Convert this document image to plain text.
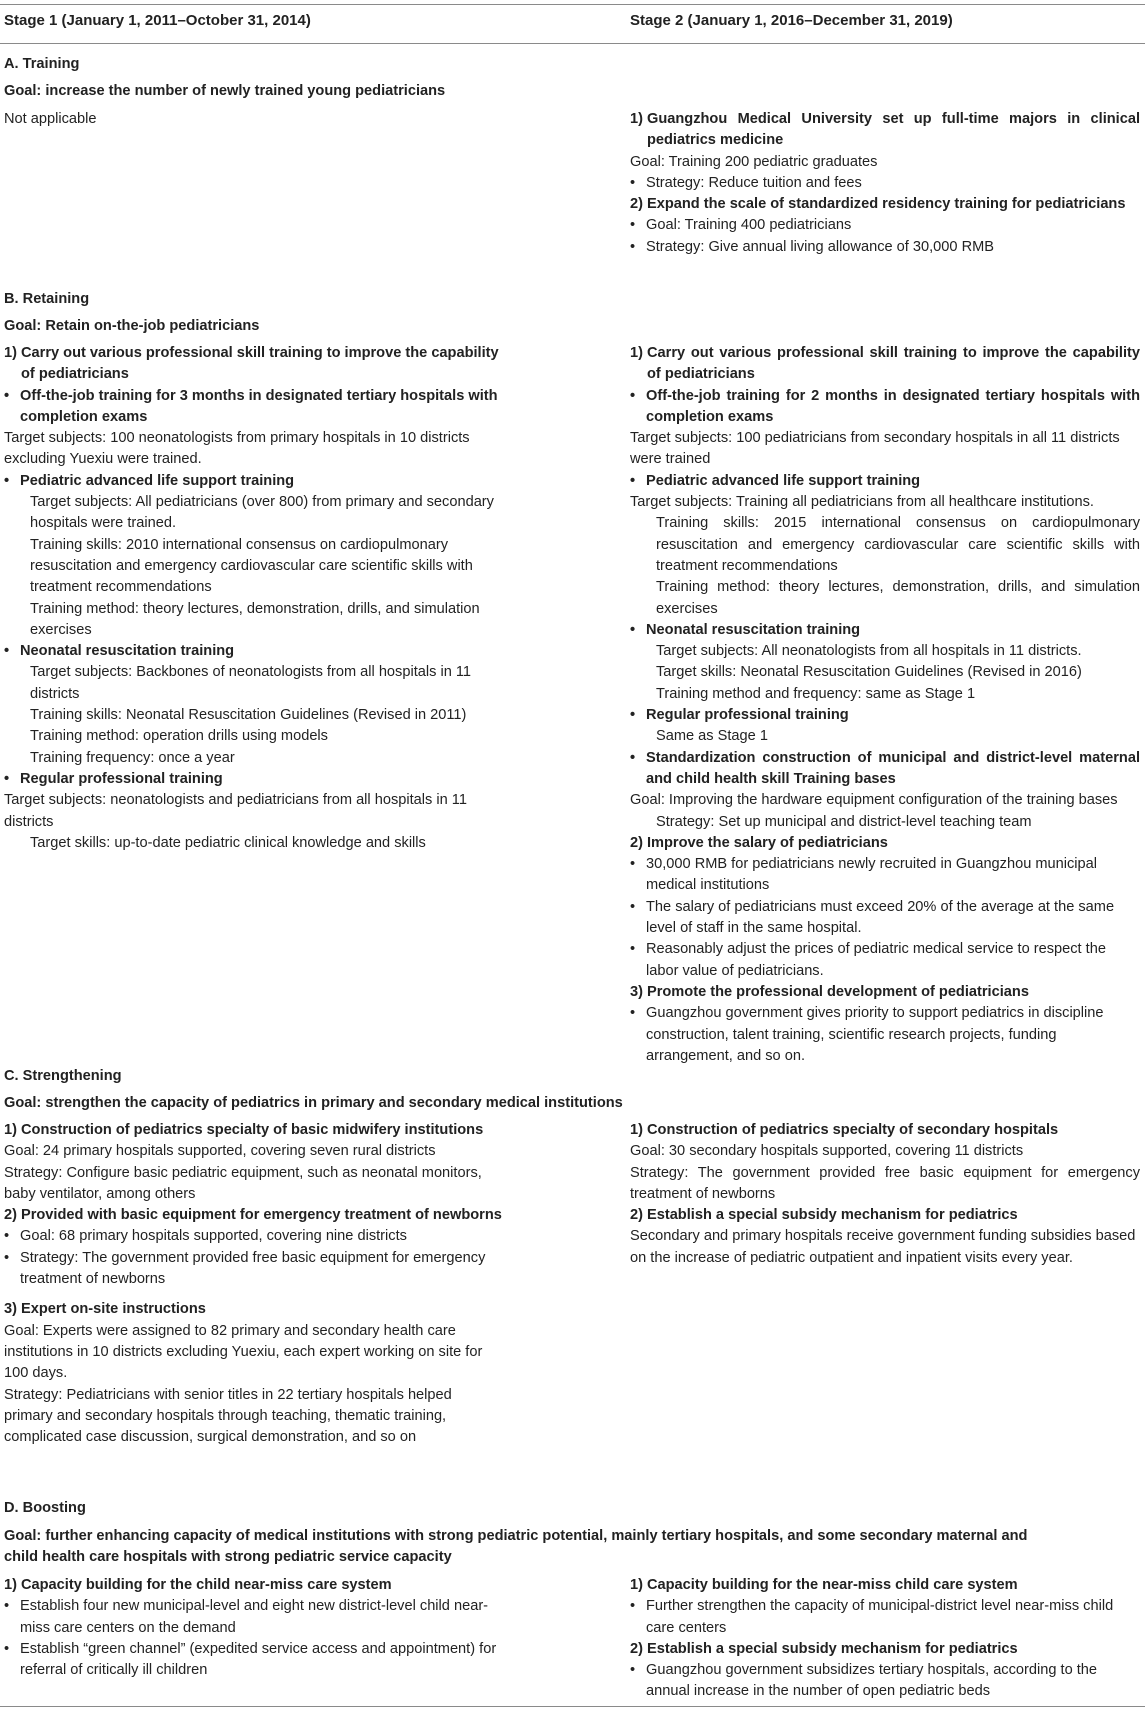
Stage 1 (January 1, 2011–October 31, 2014)	Stage 2 (January 1, 2016–December 31, 2019)
A. Training
Goal: increase the number of newly trained young pediatricians

Not applicable	1) Guangzhou Medical University set up full-time majors in clinical pediatrics medicine

Goal: Training 200 pediatric graduates

• Strategy: Reduce tuition and fees
2) Expand the scale of standardized residency training for pediatricians
• Goal: Training 400 pediatricians
• Strategy: Give annual living allowance of 30,000 RMB
B. Retaining
Goal: Retain on-the-job pediatricians
1) Carry out various professional skill training to improve the capability of pediatricians
• Off-the-job training for 3 months in designated tertiary hospitals with completion exams

Target subjects: 100 neonatologists from primary hospitals in 10 districts excluding Yuexiu were trained.

• Pediatric advanced life support training

Target subjects: All pediatricians (over 800) from primary and secondary hospitals were trained.

Training skills: 2010 international consensus on cardiopulmonary resuscitation and emergency cardiovascular care scientific skills with treatment recommendations

Training method: theory lectures, demonstration, drills, and simulation exercises

• Neonatal resuscitation training

Target subjects: Backbones of neonatologists from all hospitals in 11 districts

Training skills: Neonatal Resuscitation Guidelines (Revised in 2011)

Training method: operation drills using models

Training frequency: once a year

• Regular professional training

Target subjects: neonatologists and pediatricians from all hospitals in 11 districts

Target skills: up-to-date pediatric clinical knowledge and skills

1) Carry out various professional skill training to improve the capability of pediatricians
• Off-the-job training for 2 months in designated tertiary hospitals with completion exams

Target subjects: 100 pediatricians from secondary hospitals in all 11 districts were trained

• Pediatric advanced life support training

Target subjects: Training all pediatricians from all healthcare institutions.

Training skills: 2015 international consensus on cardiopulmonary resuscitation and emergency cardiovascular care scientific skills with treatment recommendations

Training method: theory lectures, demonstration, drills, and simulation exercises

• Neonatal resuscitation training

Target subjects: All neonatologists from all hospitals in 11 districts.

Target skills: Neonatal Resuscitation Guidelines (Revised in 2016)

Training method and frequency: same as Stage 1

• Regular professional training

Same as Stage 1

• Standardization construction of municipal and district-level maternal and child health skill Training bases

Goal: Improving the hardware equipment configuration of the training bases

Strategy: Set up municipal and district-level teaching team

2) Improve the salary of pediatricians
• 30,000 RMB for pediatricians newly recruited in Guangzhou municipal medical institutions
• The salary of pediatricians must exceed 20% of the average at the same level of staff in the same hospital.
• Reasonably adjust the prices of pediatric medical service to respect the labor value of pediatricians.
3) Promote the professional development of pediatricians
• Guangzhou government gives priority to support pediatrics in discipline construction, talent training, scientific research projects, funding arrangement, and so on.
C. Strengthening
Goal: strengthen the capacity of pediatrics in primary and secondary medical institutions
1) Construction of pediatrics specialty of basic midwifery institutions

Goal: 24 primary hospitals supported, covering seven rural districts

Strategy: Configure basic pediatric equipment, such as neonatal monitors, baby ventilator, among others

2) Provided with basic equipment for emergency treatment of newborns
• Goal: 68 primary hospitals supported, covering nine districts
• Strategy: The government provided free basic equipment for emergency treatment of newborns
3) Expert on-site instructions

Goal: Experts were assigned to 82 primary and secondary health care institutions in 10 districts excluding Yuexiu, each expert working on site for 100 days.

Strategy: Pediatricians with senior titles in 22 tertiary hospitals helped primary and secondary hospitals through teaching, thematic training, complicated case discussion, surgical demonstration, and so on

1) Construction of pediatrics specialty of secondary hospitals

Goal: 30 secondary hospitals supported, covering 11 districts

Strategy: The government provided free basic equipment for emergency treatment of newborns

2) Establish a special subsidy mechanism for pediatrics

Secondary and primary hospitals receive government funding subsidies based on the increase of pediatric outpatient and inpatient visits every year.

D. Boosting
Goal: further enhancing capacity of medical institutions with strong pediatric potential, mainly tertiary hospitals, and some secondary maternal and child health care hospitals with strong pediatric service capacity
1) Capacity building for the child near-miss care system
• Establish four new municipal-level and eight new district-level child near-miss care centers on the demand
• Establish “green channel” (expedited service access and appointment) for referral of critically ill children
1) Capacity building for the near-miss child care system
• Further strengthen the capacity of municipal-district level near-miss child care centers
2) Establish a special subsidy mechanism for pediatrics
• Guangzhou government subsidizes tertiary hospitals, according to the annual increase in the number of open pediatric beds
